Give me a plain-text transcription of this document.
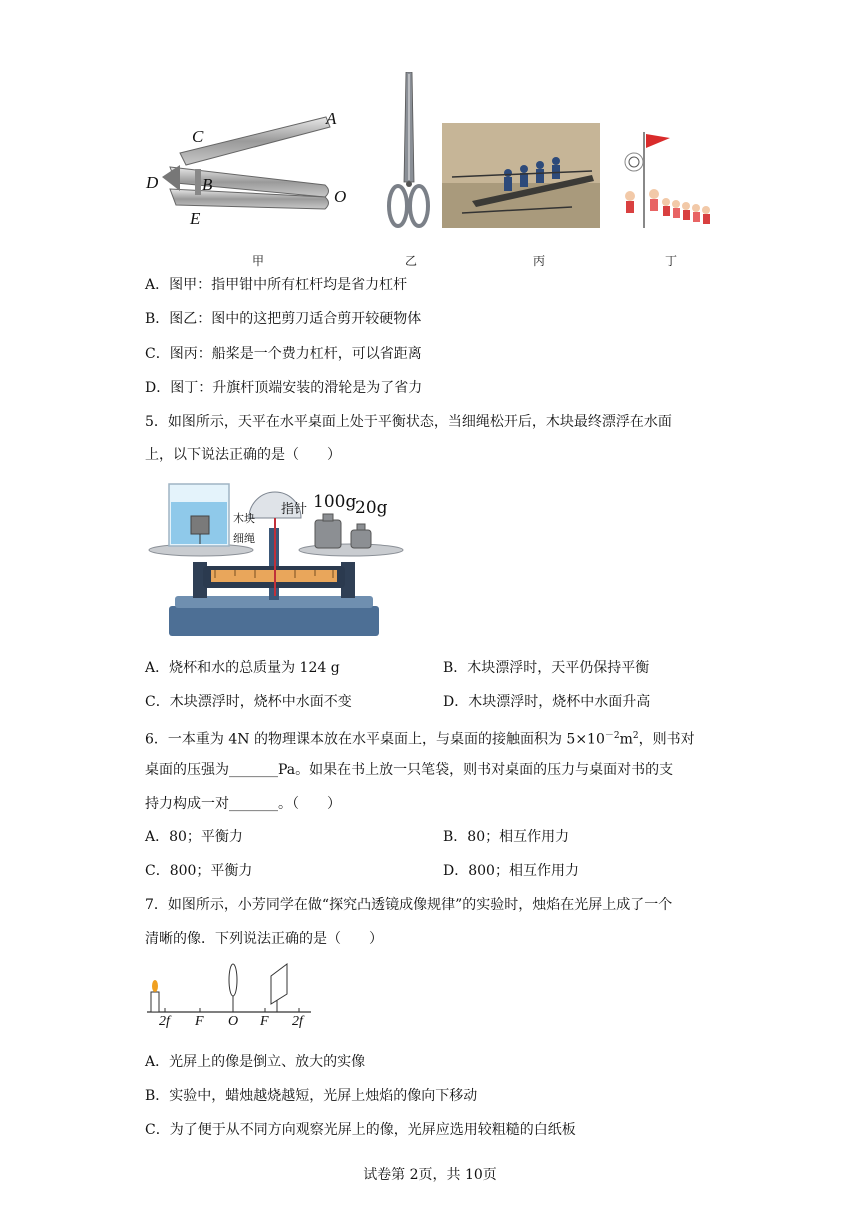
A
C
D	B
O
E
甲	乙	丙	丁
A．图甲：指甲钳中所有杠杆均是省力杠杆
B．图乙：图中的这把剪刀适合剪开较硬物体
C．图丙：船桨是一个费力杠杆，可以省距离
D．图丁：升旗杆顶端安装的滑轮是为了省力
5．如图所示，天平在水平桌面上处于平衡状态，当细绳松开后，木块最终漂浮在水面
上，以下说法正确的是（　　）
木块
细绳
指针 100g
20g
A．烧杯和水的总质量为 124 g	B．木块漂浮时，天平仍保持平衡
C．木块漂浮时，烧杯中水面不变	D．木块漂浮时，烧杯中水面升高
6．一本重为 4N 的物理课本放在水平桌面上，与桌面的接触面积为 $5\times 10^{-2}m^2$，则书对
桌面的压强为_______Pa。如果在书上放一只笔袋，则书对桌面的压力与桌面对书的支
持力构成一对_______。（　　）
A．80；平衡力	B．80；相互作用力
C．800；平衡力	D．800；相互作用力
7．如图所示，小芳同学在做“探究凸透镜成像规律”的实验时，烛焰在光屏上成了一个
清晰的像．下列说法正确的是（　　）
2f F O F 2f
A．光屏上的像是倒立、放大的实像
B．实验中，蜡烛越烧越短，光屏上烛焰的像向下移动
C．为了便于从不同方向观察光屏上的像，光屏应选用较粗糙的白纸板
试卷第 2页，共 10页
